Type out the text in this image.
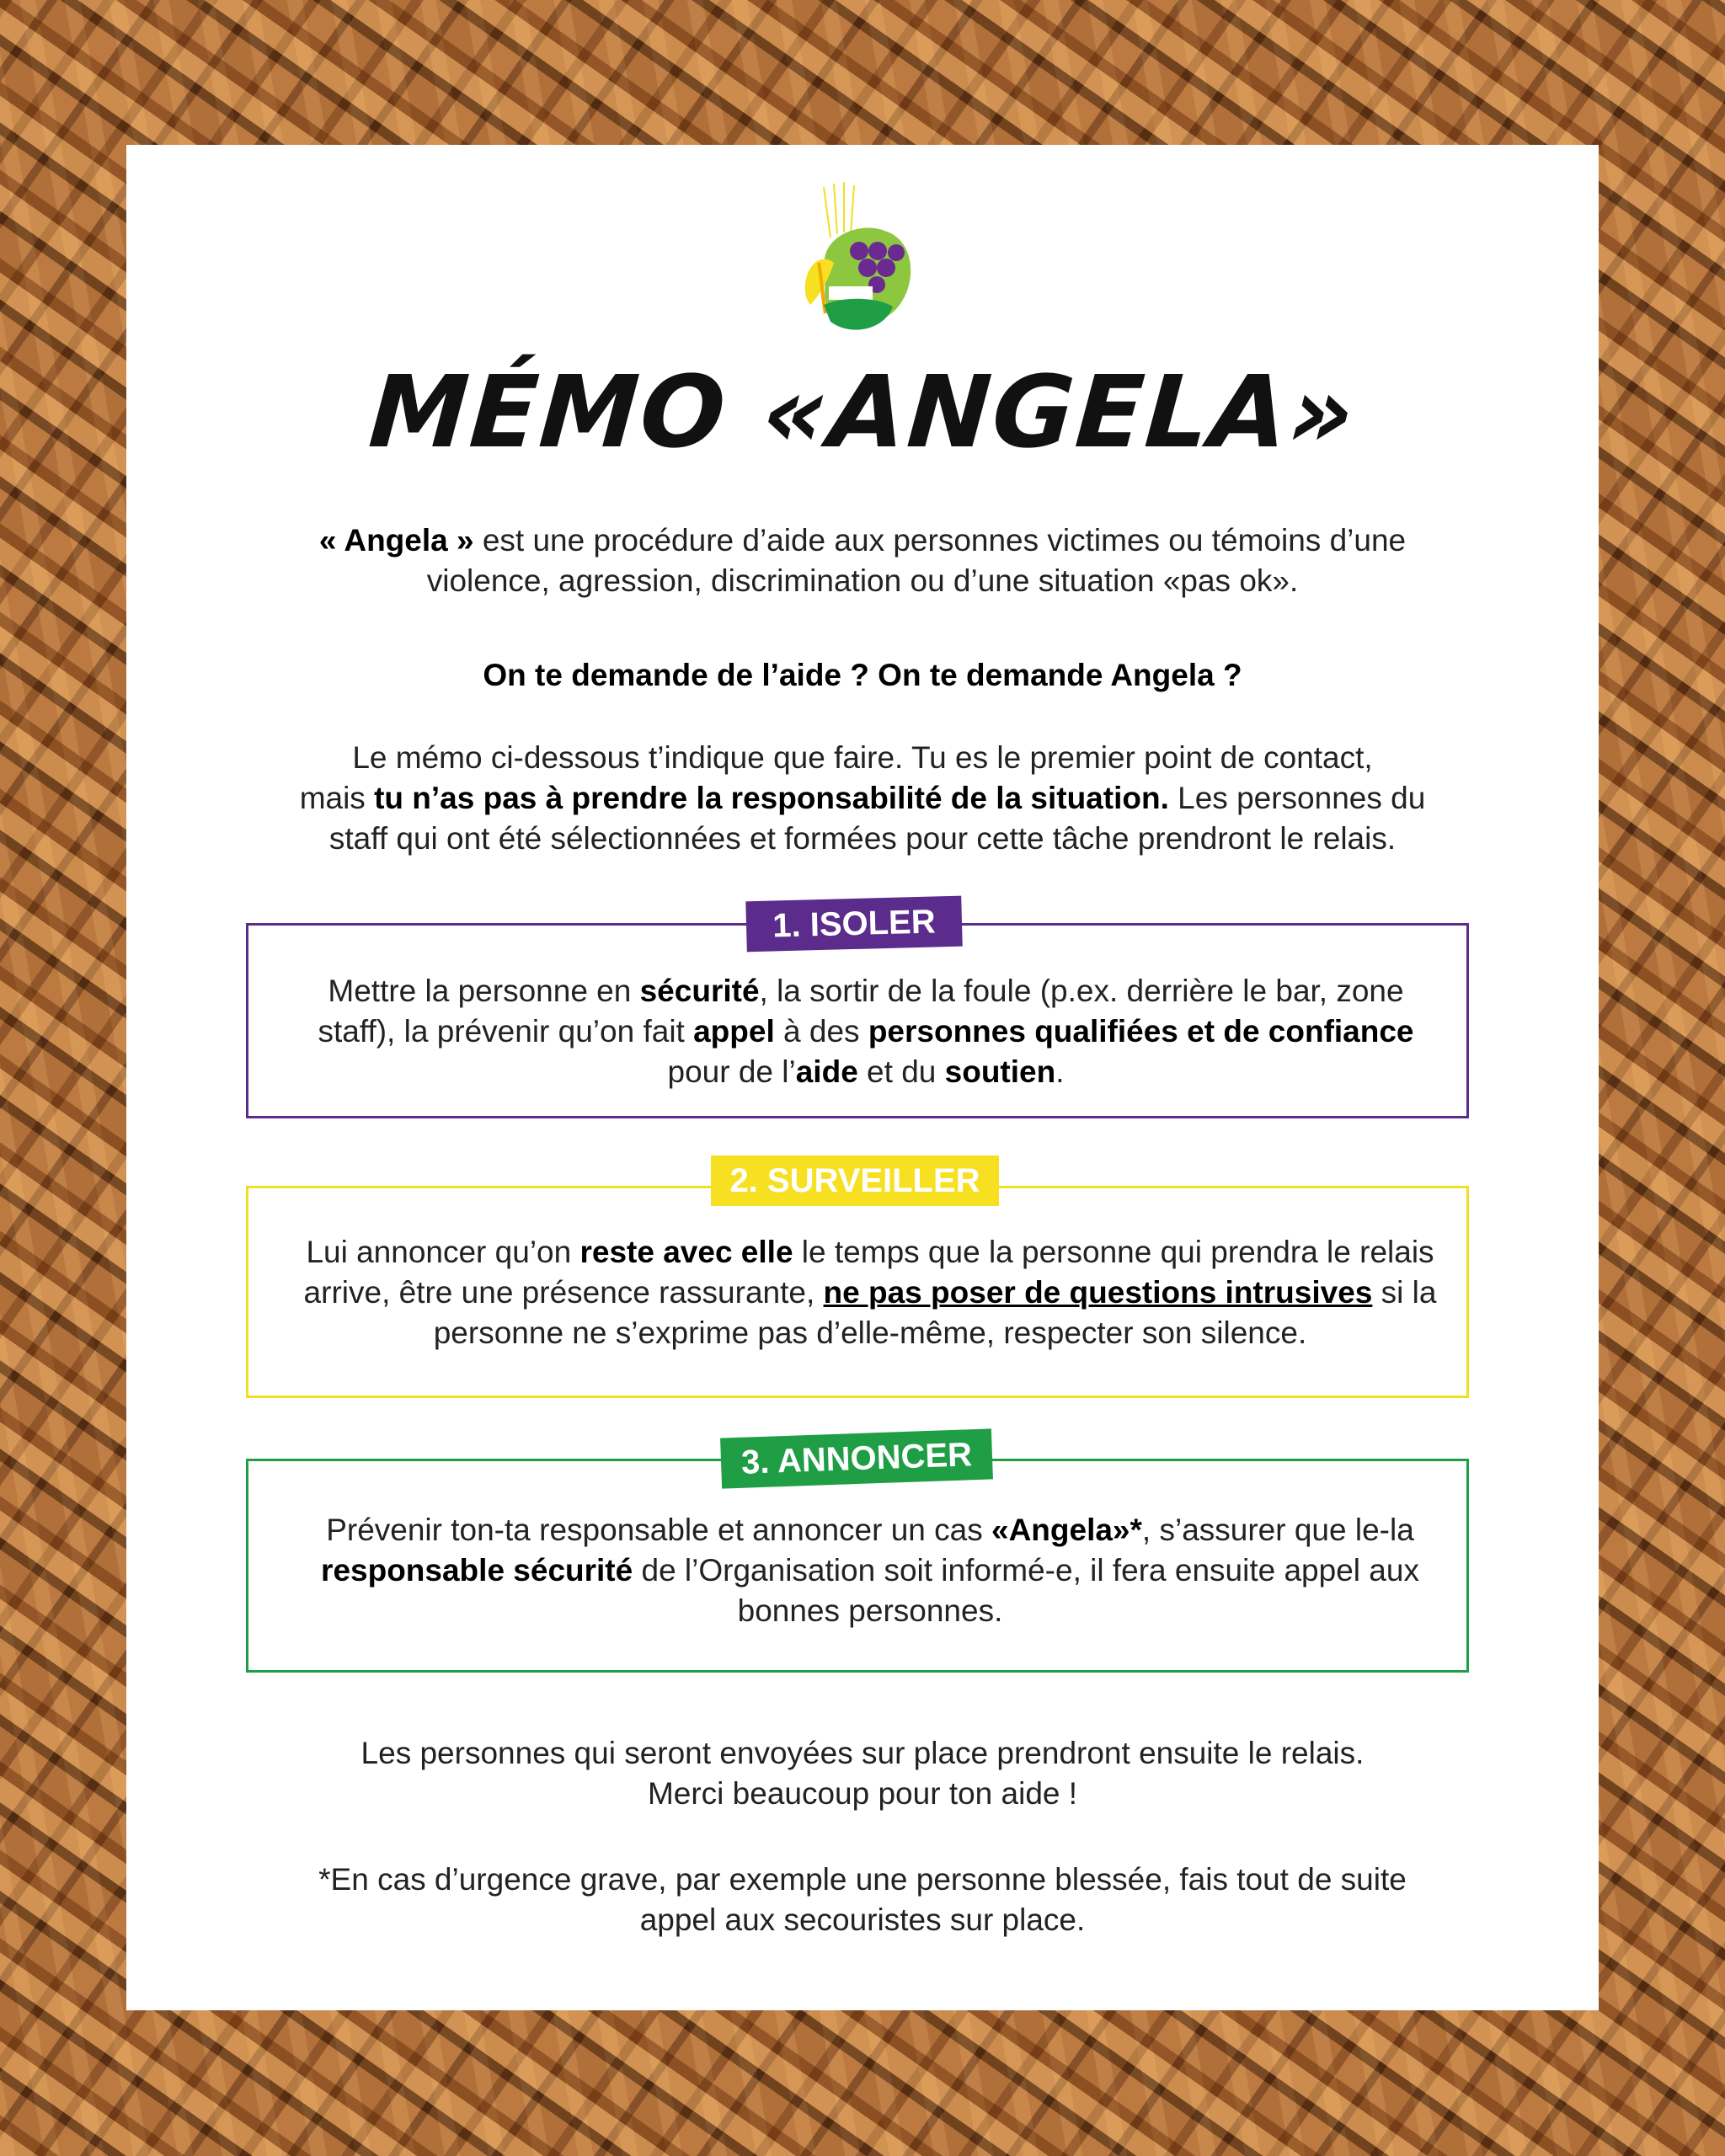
MÉMO «ANGELA»

« Angela » est une procédure d’aide aux personnes victimes ou témoins d’une
violence, agression, discrimination ou d’une situation «pas ok».

On te demande de l’aide ? On te demande Angela ?

Le mémo ci-dessous t’indique que faire. Tu es le premier point de contact,
mais tu n’as pas à prendre la responsabilité de la situation. Les personnes du
staff qui ont été sélectionnées et formées pour cette tâche prendront le relais.

Mettre la personne en sécurité, la sortir de la foule (p.ex. derrière le bar, zone staff), la prévenir qu’on fait appel à des personnes qualifiées et de confiance pour de l’aide et du soutien.

1. ISOLER

Lui annoncer qu’on reste avec elle le temps que la personne qui prendra le relais arrive, être une présence rassurante, ne pas poser de questions intrusives si la personne ne s’exprime pas d’elle-même, respecter son silence.

2. SURVEILLER

Prévenir ton-ta responsable et annoncer un cas «Angela»*, s’assurer que le-la responsable sécurité de l’Organisation soit informé-e, il fera ensuite appel aux bonnes personnes.

3. ANNONCER

Les personnes qui seront envoyées sur place prendront ensuite le relais.
Merci beaucoup pour ton aide !

*En cas d’urgence grave, par exemple une personne blessée, fais tout de suite
appel aux secouristes sur place.
